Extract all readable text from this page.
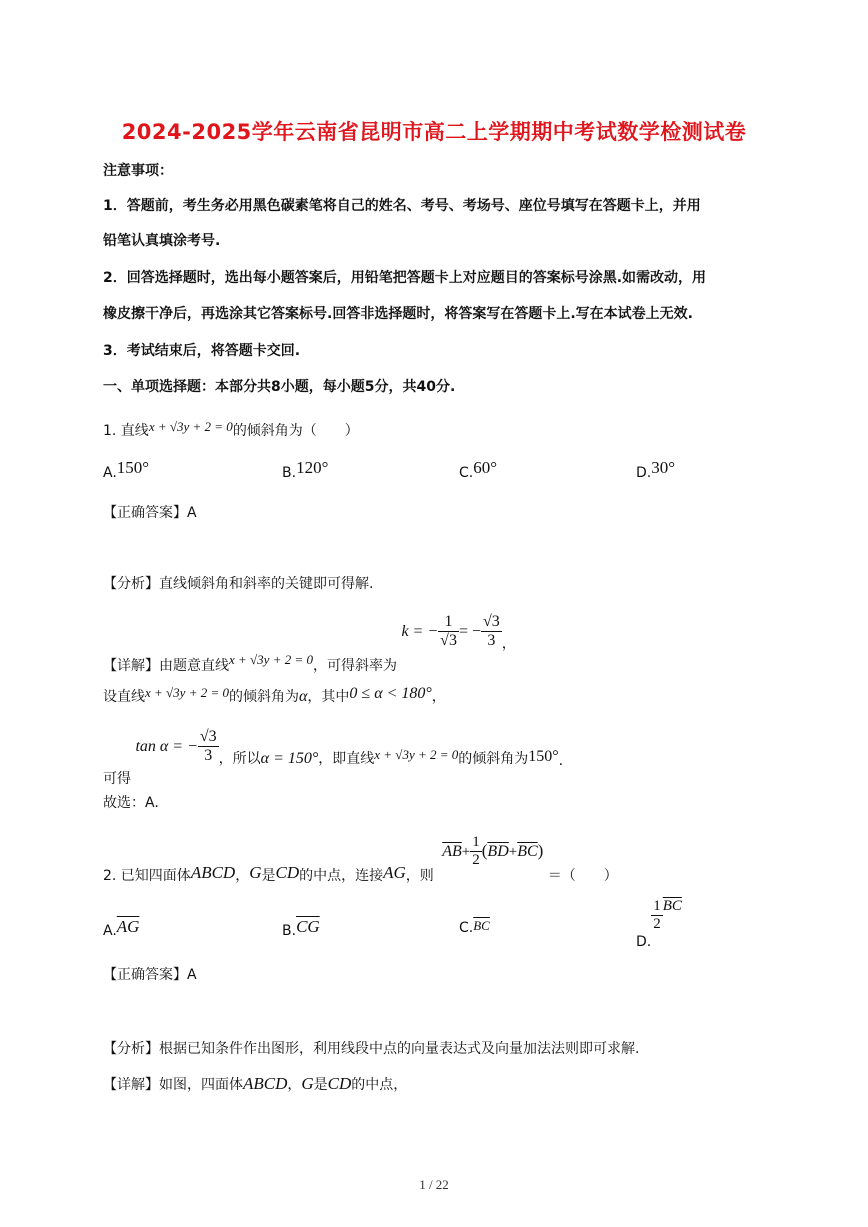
2024-2025学年云南省昆明市高二上学期期中考试数学检测试卷
注意事项：
1．答题前，考生务必用黑色碳素笔将自己的姓名、考号、考场号、座位号填写在答题卡上，并用
铅笔认真填涂考号.
2．回答选择题时，选出每小题答案后，用铅笔把答题卡上对应题目的答案标号涂黑.如需改动，用
橡皮擦干净后，再选涂其它答案标号.回答非选择题时，将答案写在答题卡上.写在本试卷上无效.
3．考试结束后，将答题卡交回.
一、单项选择题：本部分共8小题，每小题5分，共40分.
1. 直线x + √3y + 2 = 0的倾斜角为（　　）
A.150°	B.120°	C.60°	D.30°
【正确答案】A
【分析】直线倾斜角和斜率的关键即可得解.
【详解】由题意直线x + √3y + 2 = 0，可得斜率为 k = − $\frac{1}{√3}$ = − $\frac{√3}{3}$ ，
设直线x + √3y + 2 = 0的倾斜角为α，其中0 ≤ α < 180°，
可得 tan α = − $\frac{√3}{3}$ ，所以α = 150°，即直线x + √3y + 2 = 0的倾斜角为150°.
故选：A.
2. 已知四面体ABCD，G是CD的中点，连接AG，则 $\overline{AB}+ \frac{1}{2} (\overline{BD}+\overline{BC})$ ＝（　　）
$A.\overline{AG}$	$B.\overline{CG}$	$C.\overline{BC}$
D.
$\frac{1}{2} \overline{BC}$
【正确答案】A
【分析】根据已知条件作出图形，利用线段中点的向量表达式及向量加法法则即可求解.
【详解】如图，四面体ABCD，G是CD的中点，
1 / 22
